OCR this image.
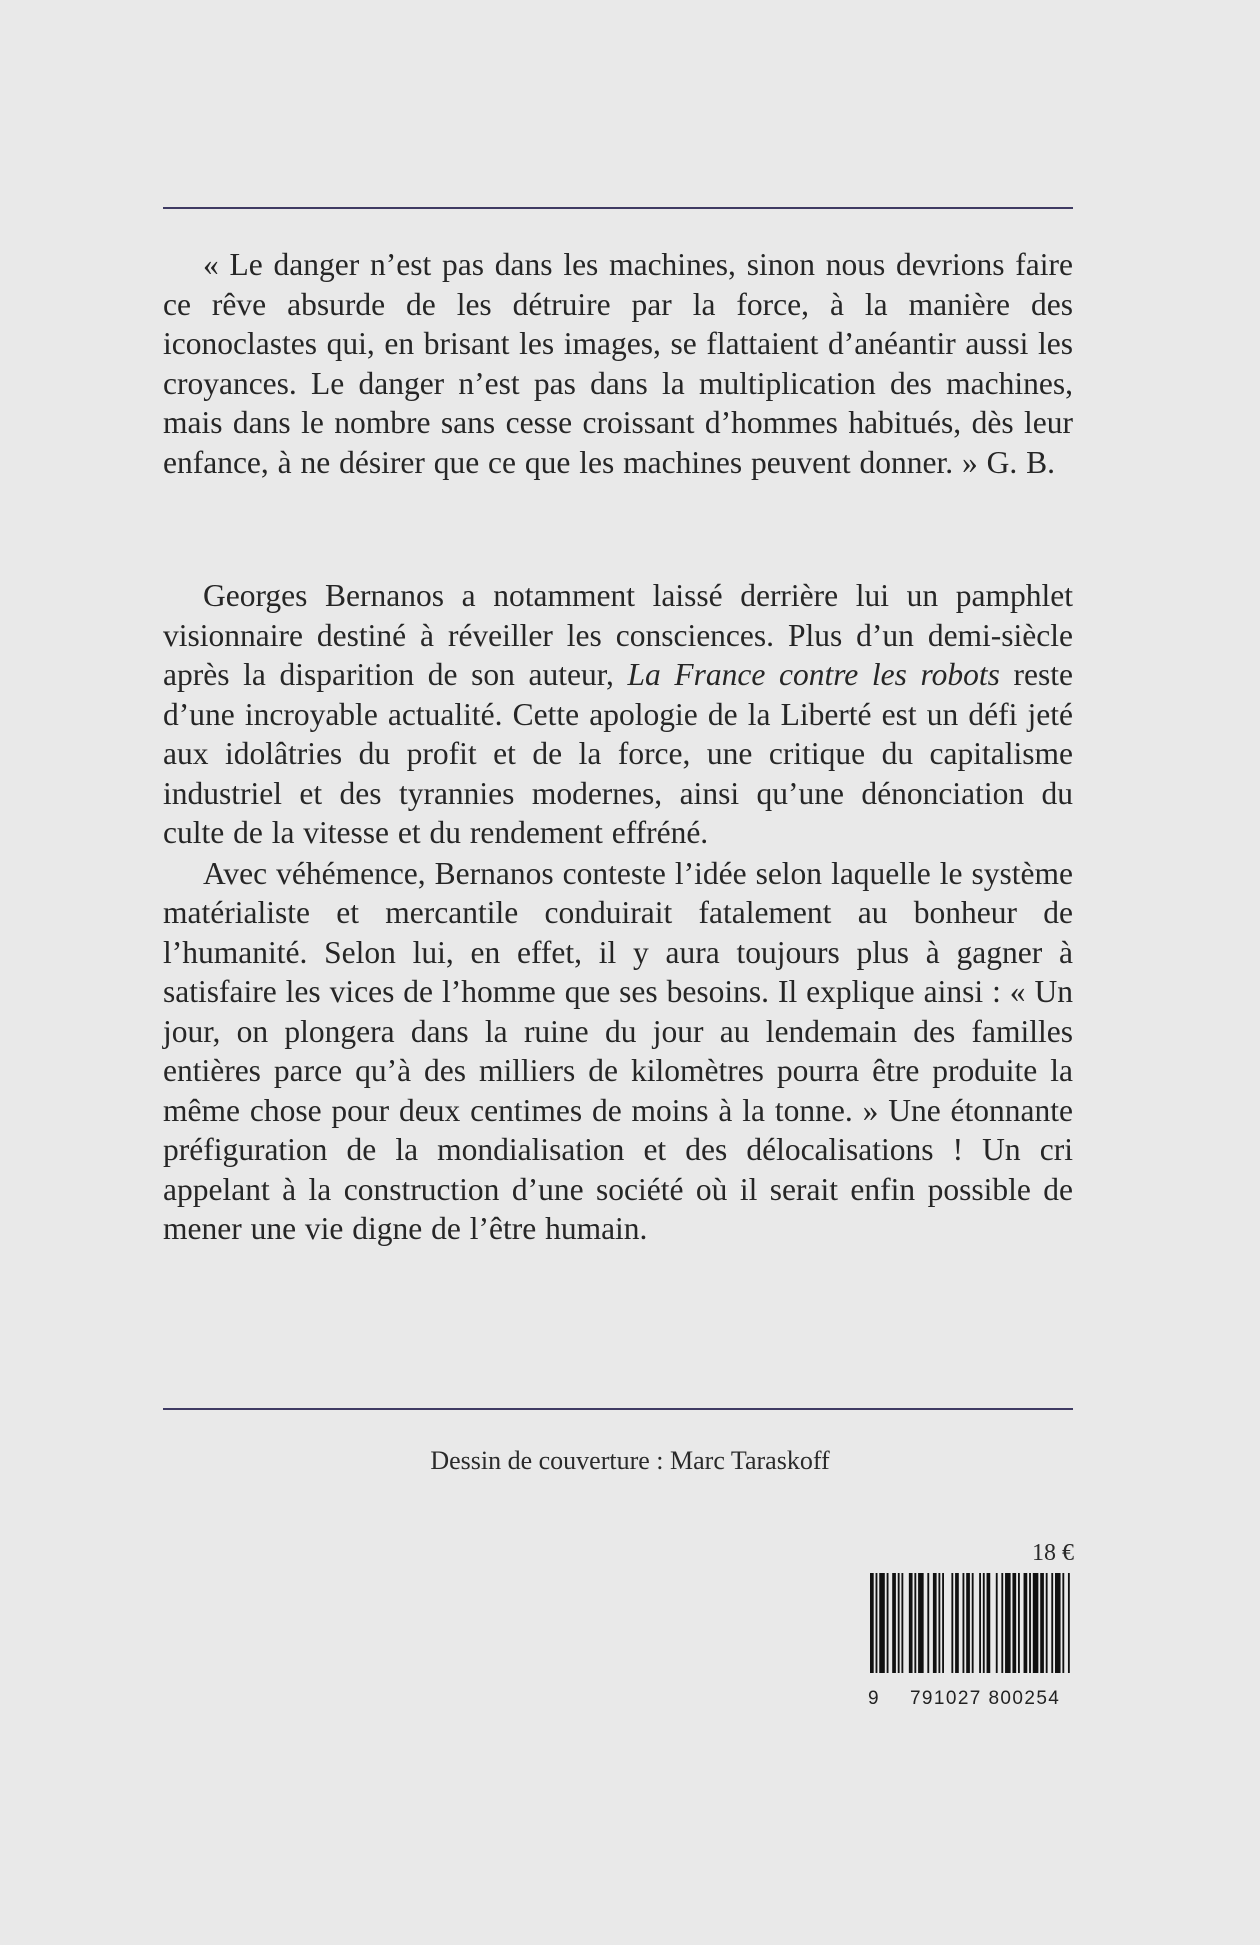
« Le danger n’est pas dans les machines, sinon nous devrions faire ce rêve absurde de les détruire par la force, à la manière des iconoclastes qui, en brisant les images, se flattaient d’anéantir aussi les croyances. Le danger n’est pas dans la multiplication des machines, mais dans le nombre sans cesse croissant d’hommes habitués, dès leur enfance, à ne désirer que ce que les machines peuvent donner. » G. B.

Georges Bernanos a notamment laissé derrière lui un pamphlet visionnaire destiné à réveiller les consciences. Plus d’un demi-siècle après la disparition de son auteur, La France contre les robots reste d’une incroyable actualité. Cette apologie de la Liberté est un défi jeté aux idolâtries du profit et de la force, une critique du capitalisme industriel et des tyrannies modernes, ainsi qu’une dénonciation du culte de la vitesse et du rendement effréné.

Avec véhémence, Bernanos conteste l’idée selon laquelle le système matérialiste et mercantile conduirait fatalement au bonheur de l’humanité. Selon lui, en effet, il y aura toujours plus à gagner à satisfaire les vices de l’homme que ses besoins. Il explique ainsi : « Un jour, on plongera dans la ruine du jour au lendemain des familles entières parce qu’à des milliers de kilomètres pourra être produite la même chose pour deux centimes de moins à la tonne. » Une étonnante préfiguration de la mondialisation et des délocalisations ! Un cri appelant à la construction d’une société où il serait enfin possible de mener une vie digne de l’être humain.

Dessin de couverture : Marc Taraskoff
18 €
9 791027 800254
